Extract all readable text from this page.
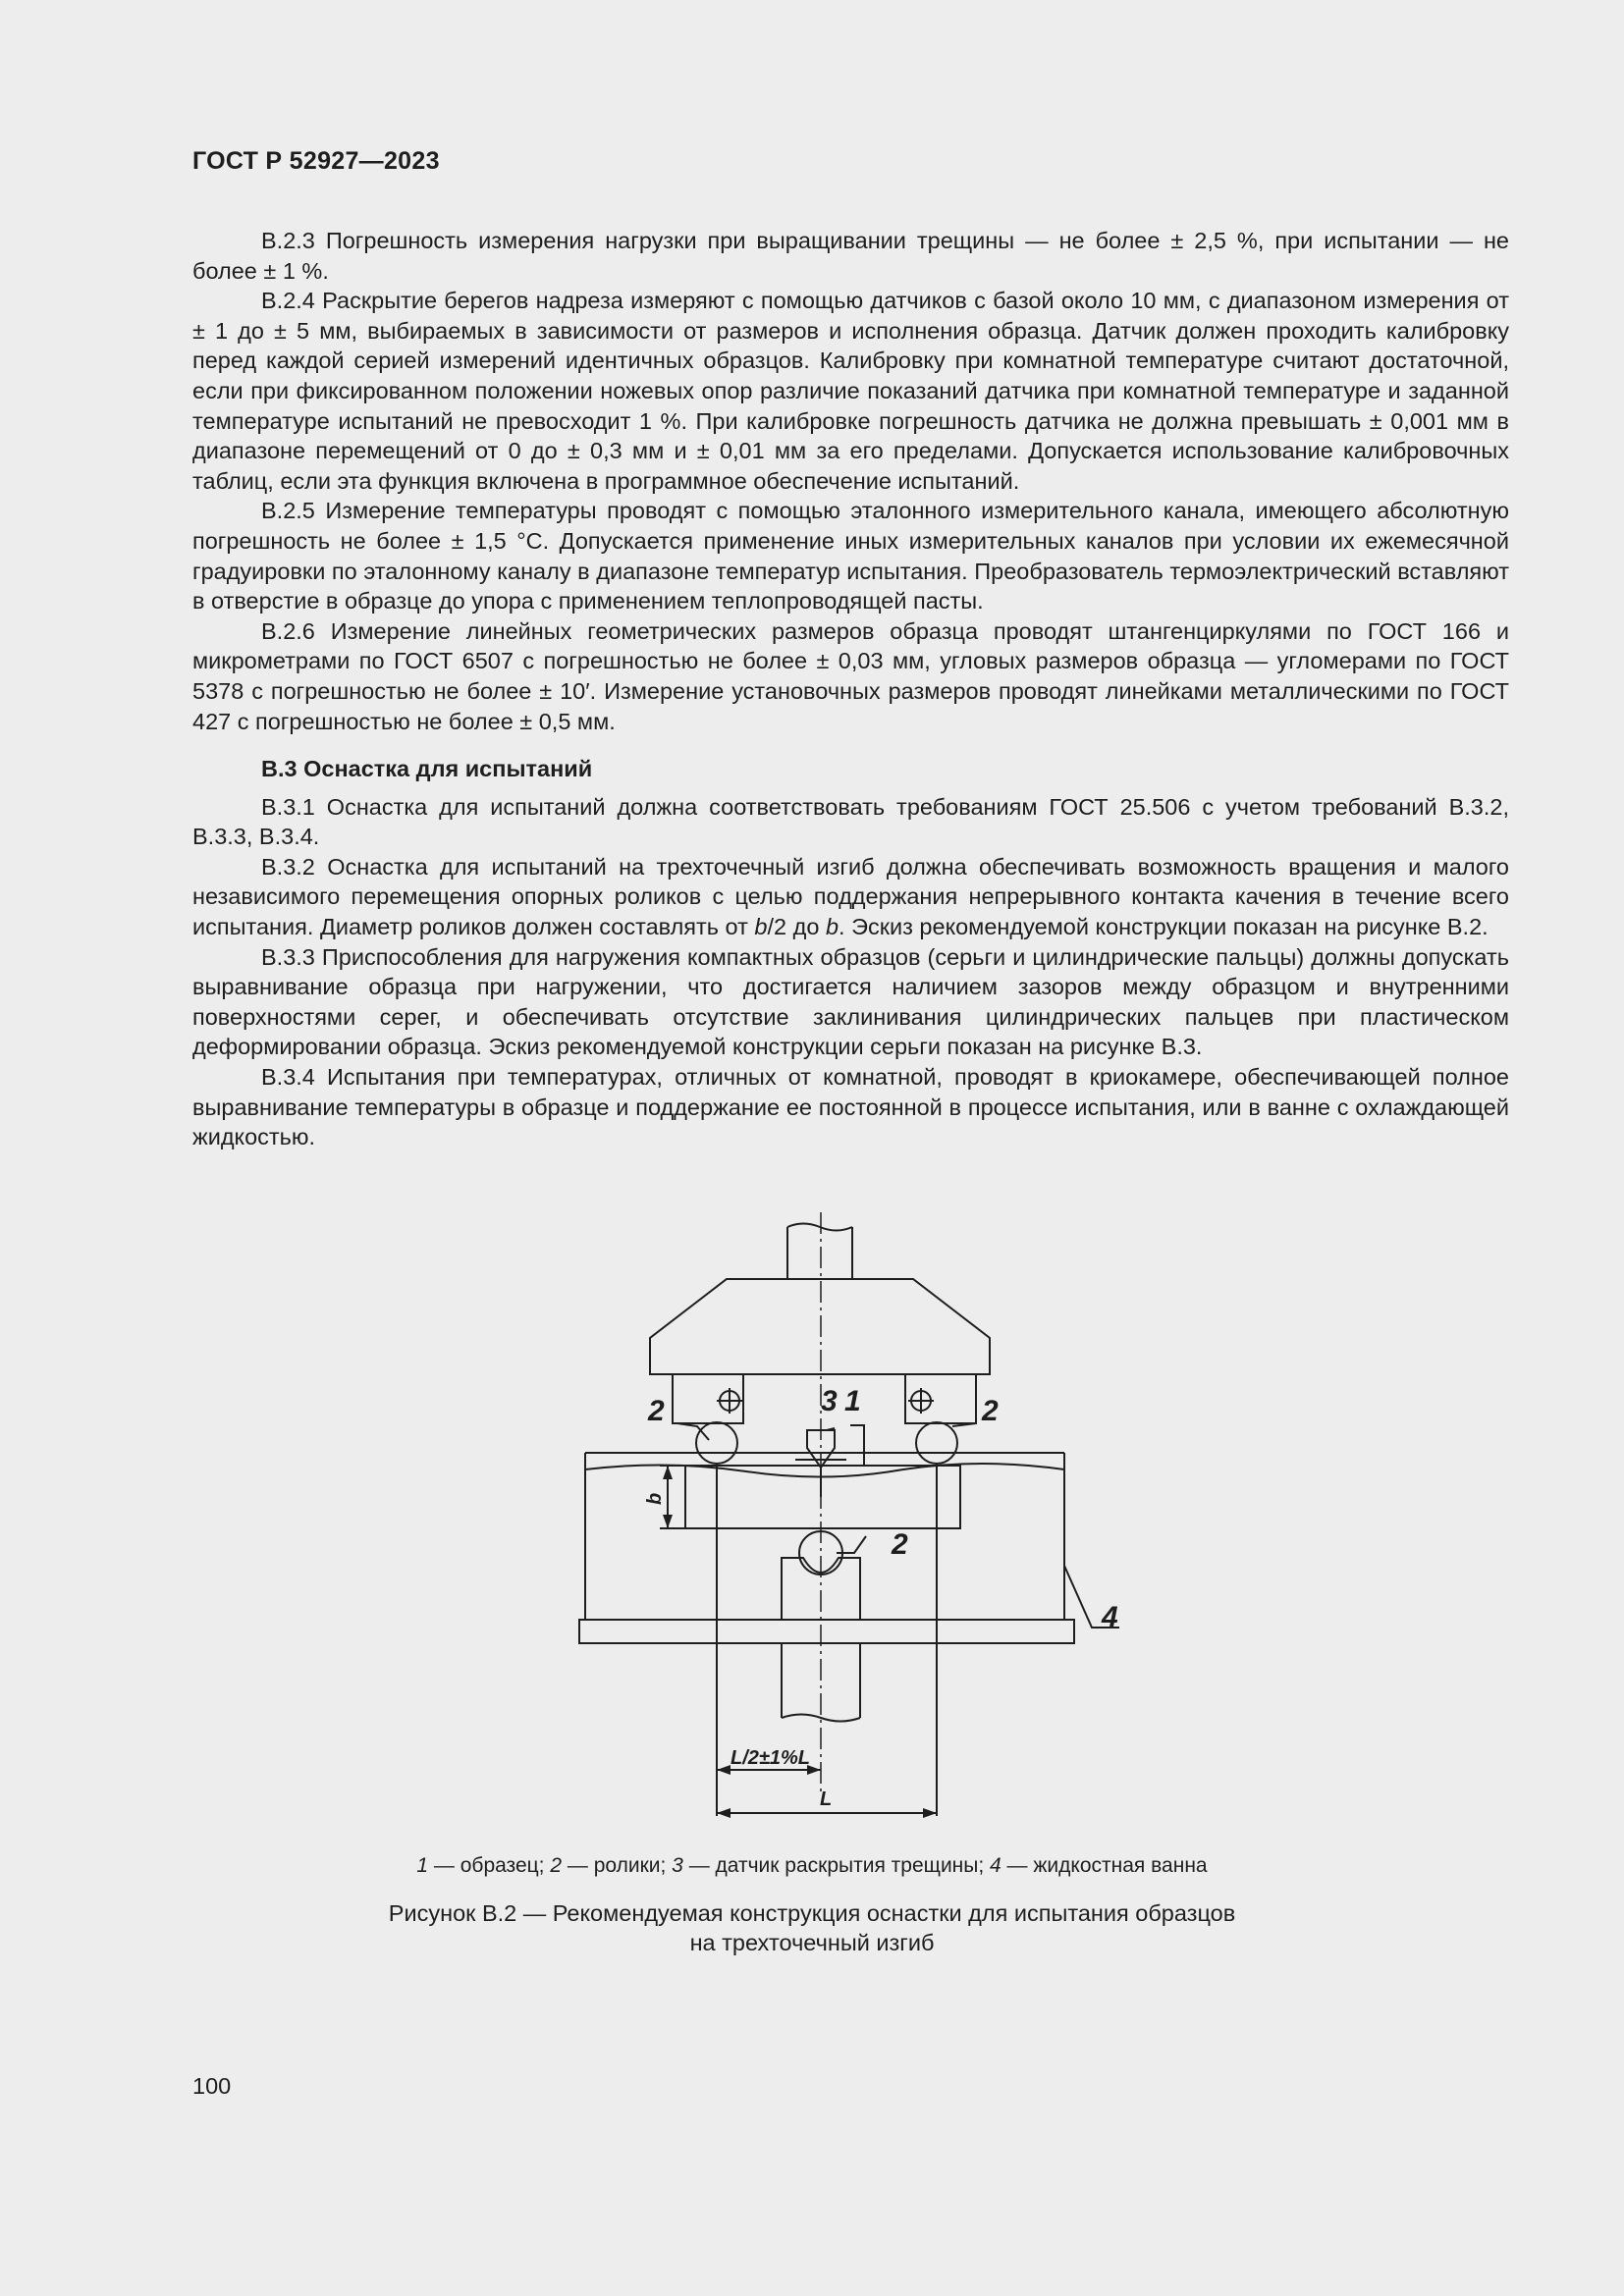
ГОСТ Р 52927—2023

В.2.3 Погрешность измерения нагрузки при выращивании трещины — не более ± 2,5 %, при испытании — не более ± 1 %.

В.2.4 Раскрытие берегов надреза измеряют с помощью датчиков с базой около 10 мм, с диапазоном измерения от ± 1 до ± 5 мм, выбираемых в зависимости от размеров и исполнения образца. Датчик должен проходить калибровку перед каждой серией измерений идентичных образцов. Калибровку при комнатной температуре считают достаточной, если при фиксированном положении ножевых опор различие показаний датчика при комнатной температуре и заданной температуре испытаний не превосходит 1 %. При калибровке погрешность датчика не должна превышать ± 0,001 мм в диапазоне перемещений от 0 до ± 0,3 мм и ± 0,01 мм за его пределами. Допускается использование калибровочных таблиц, если эта функция включена в программное обеспечение испытаний.

В.2.5 Измерение температуры проводят с помощью эталонного измерительного канала, имеющего абсолютную погрешность не более ± 1,5 °С. Допускается применение иных измерительных каналов при условии их ежемесячной градуировки по эталонному каналу в диапазоне температур испытания. Преобразователь термоэлектрический вставляют в отверстие в образце до упора с применением теплопроводящей пасты.

В.2.6 Измерение линейных геометрических размеров образца проводят штангенциркулями по ГОСТ 166 и микрометрами по ГОСТ 6507 с погрешностью не более ± 0,03 мм, угловых размеров образца — угломерами по ГОСТ 5378 с погрешностью не более ± 10′. Измерение установочных размеров проводят линейками металлическими по ГОСТ 427 с погрешностью не более ± 0,5 мм.

В.3 Оснастка для испытаний

В.3.1 Оснастка для испытаний должна соответствовать требованиям ГОСТ 25.506 с учетом требований В.3.2, В.3.3, В.3.4.

В.3.2 Оснастка для испытаний на трехточечный изгиб должна обеспечивать возможность вращения и малого независимого перемещения опорных роликов с целью поддержания непрерывного контакта качения в течение всего испытания. Диаметр роликов должен составлять от b/2 до b. Эскиз рекомендуемой конструкции показан на рисунке В.2.

В.3.3 Приспособления для нагружения компактных образцов (серьги и цилиндрические пальцы) должны допускать выравнивание образца при нагружении, что достигается наличием зазоров между образцом и внутренними поверхностями серег, и обеспечивать отсутствие заклинивания цилиндрических пальцев при пластическом деформировании образца. Эскиз рекомендуемой конструкции серьги показан на рисунке В.3.

В.3.4 Испытания при температурах, отличных от комнатной, проводят в криокамере, обеспечивающей полное выравнивание температуры в образце и поддержание ее постоянной в процессе испытания, или в ванне с охлаждающей жидкостью.

2	2
3 1
2
4
b
L/2±1%L
L
1 — образец; 2 — ролики; 3 — датчик раскрытия трещины; 4 — жидкостная ванна
Рисунок В.2 — Рекомендуемая конструкция оснастки для испытания образцов
на трехточечный изгиб
100
